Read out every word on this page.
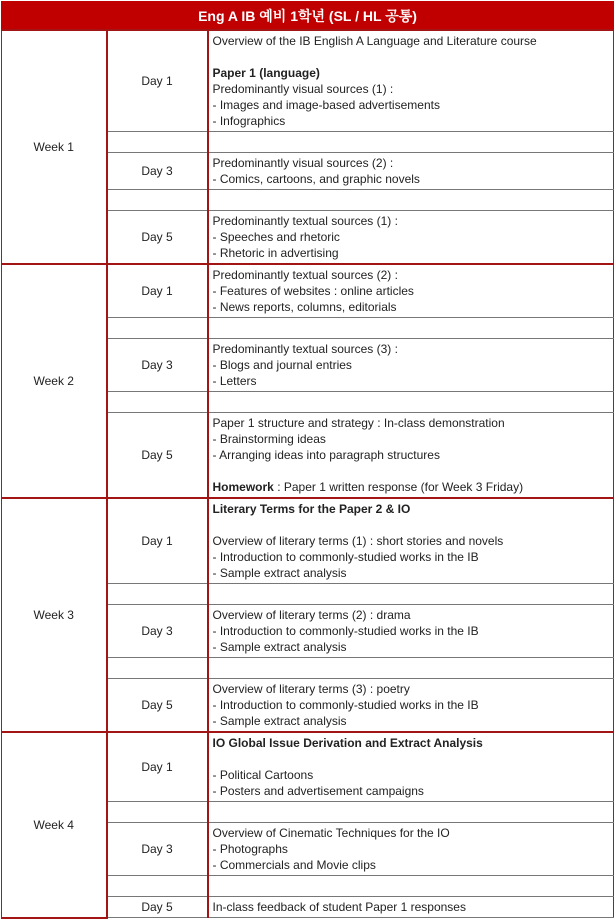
Eng A IB 예비 1학년 (SL / HL 공통)		
Week 1	Day 1	Overview of the IB English A Language and Literature course
Paper 1 (language)
Predominantly visual sources (1) :
- Images and image-based advertisements
- Infographics

	Day 3	Predominantly visual sources (2) :
- Comics, cartoons, and graphic novels

	Day 5	Predominantly textual sources (1) :
- Speeches and rhetoric
- Rhetoric in advertising

Week 2	Day 1	Predominantly textual sources (2) :
- Features of websites : online articles
- News reports, columns, editorials

	Day 3	Predominantly textual sources (3) :
- Blogs and journal entries
- Letters

	Day 5	Paper 1 structure and strategy : In-class demonstration
- Brainstorming ideas
- Arranging ideas into paragraph structures
Homework : Paper 1 written response (for Week 3 Friday)

Week 3	Day 1	Literary Terms for the Paper 2 & IO
Overview of literary terms (1) : short stories and novels
- Introduction to commonly-studied works in the IB
- Sample extract analysis

	Day 3	Overview of literary terms (2) : drama
- Introduction to commonly-studied works in the IB
- Sample extract analysis

	Day 5	Overview of literary terms (3) : poetry
- Introduction to commonly-studied works in the IB
- Sample extract analysis

Week 4	Day 1	IO Global Issue Derivation and Extract Analysis
- Political Cartoons
- Posters and advertisement campaigns

	Day 3	Overview of Cinematic Techniques for the IO
- Photographs
- Commercials and Movie clips

	Day 5	In-class feedback of student Paper 1 responses
